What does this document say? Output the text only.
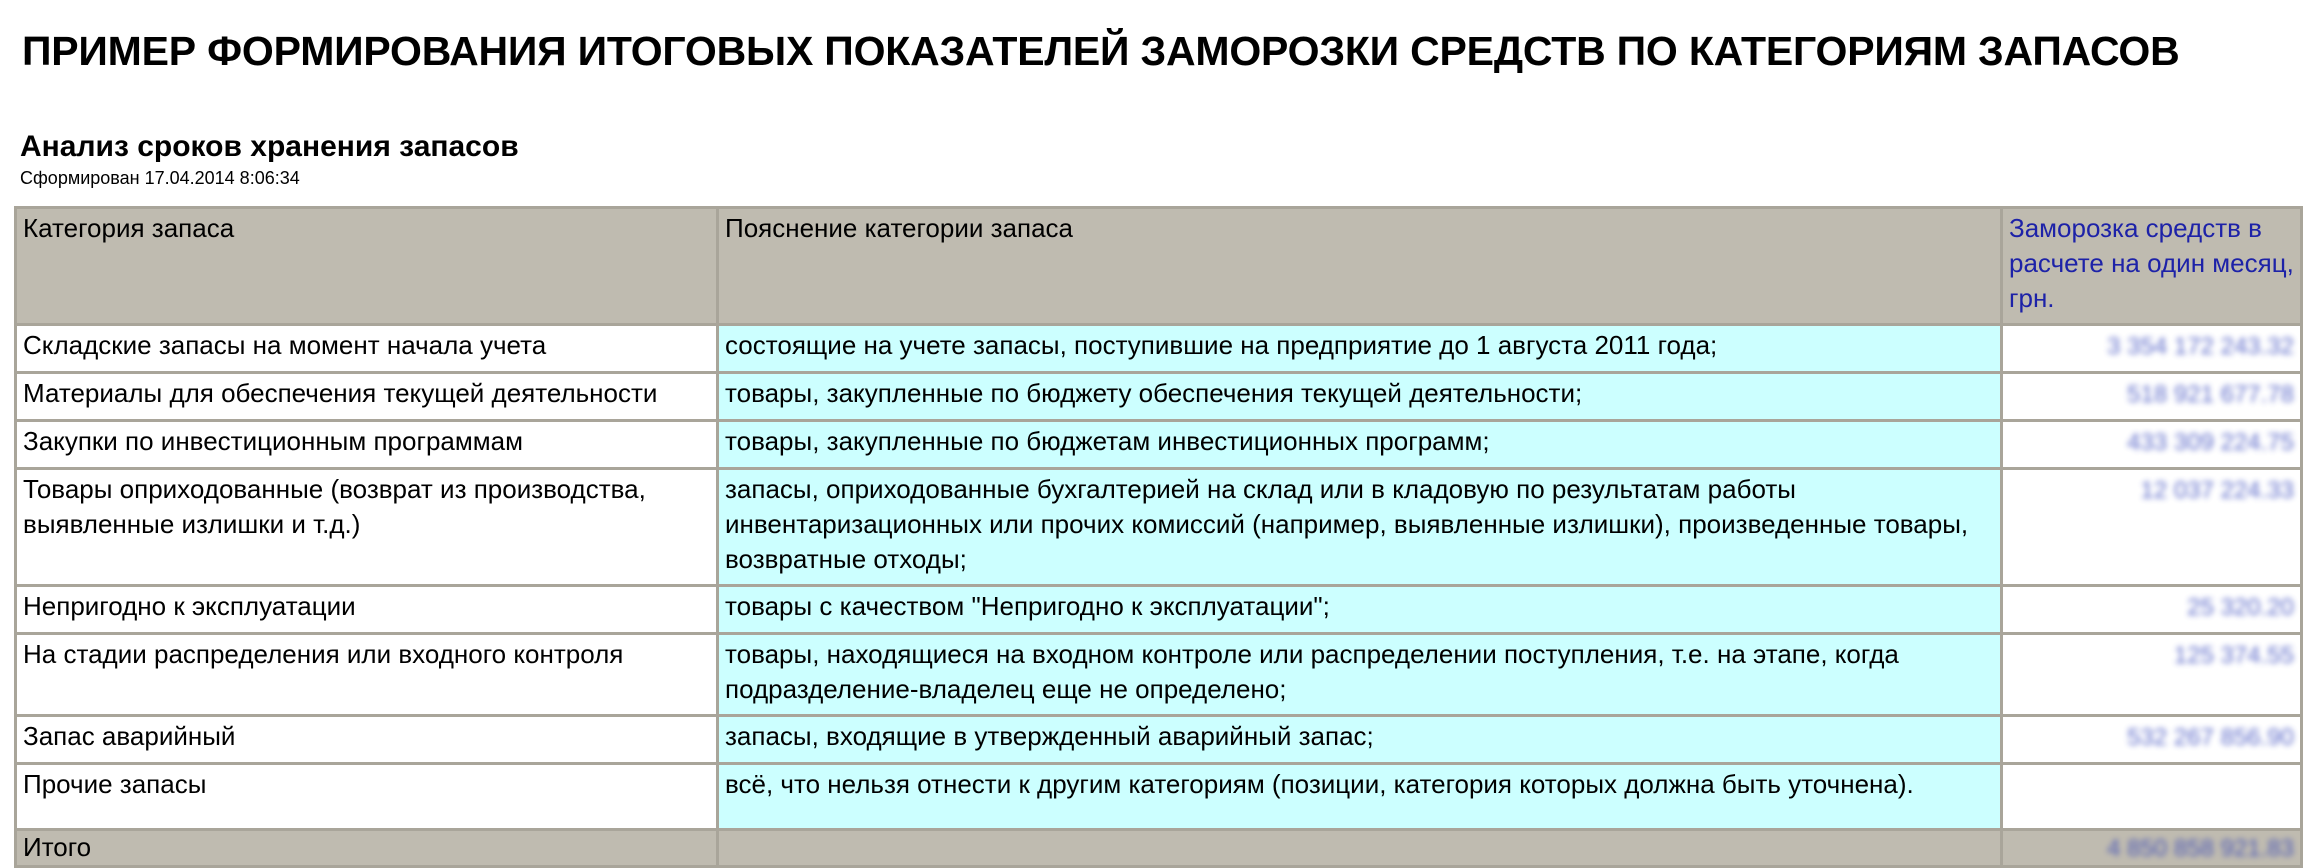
ПРИМЕР ФОРМИРОВАНИЯ ИТОГОВЫХ ПОКАЗАТЕЛЕЙ ЗАМОРОЗКИ СРЕДСТВ ПО КАТЕГОРИЯМ ЗАПАСОВ
Анализ сроков хранения запасов
Сформирован 17.04.2014 8:06:34
Категория запаса	Пояснение категории запаса	Заморозка средств в расчете на один месяц, грн.
Складские запасы на момент начала учета	состоящие на учете запасы, поступившие на предприятие до 1 августа 2011 года;	3 354 172 243.32
Материалы для обеспечения текущей деятельности	товары, закупленные по бюджету обеспечения текущей деятельности;	518 921 677.78
Закупки по инвестиционным программам	товары, закупленные по бюджетам инвестиционных программ;	433 309 224.75
Товары оприходованные (возврат из производства, выявленные излишки и т.д.)	запасы, оприходованные бухгалтерией на склад или в кладовую по результатам работы инвентаризационных или прочих комиссий (например, выявленные излишки), произведенные товары, возвратные отходы;	12 037 224.33
Непригодно к эксплуатации	товары с качеством "Непригодно к эксплуатации";	25 320.20
На стадии распределения или входного контроля	товары, находящиеся на входном контроле или распределении поступления, т.е. на этапе, когда подразделение-владелец еще не определено;	125 374.55
Запас аварийный	запасы, входящие в утвержденный аварийный запас;	532 267 856.90
Прочие запасы	всё, что нельзя отнести к другим категориям (позиции, категория которых должна быть уточнена).	
Итого		4 850 858 921.83
